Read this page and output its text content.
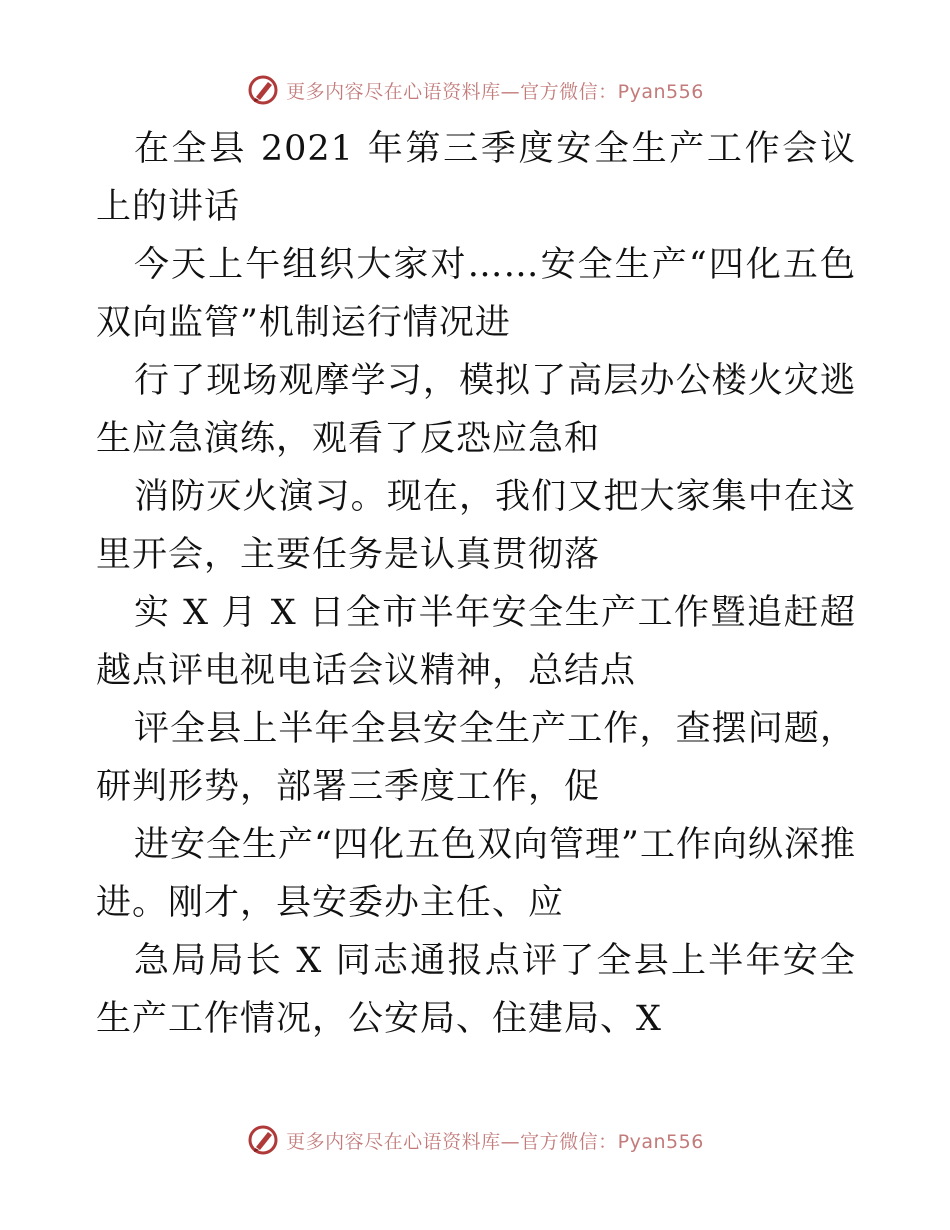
更多内容尽在心语资料库—官方微信：Pyan556

在全县 2021 年第三季度安全生产工作会议上的讲话

今天上午组织大家对……安全生产“四化五色双向监管”机制运行情况进

行了现场观摩学习，模拟了高层办公楼火灾逃生应急演练，观看了反恐应急和

消防灭火演习。现在，我们又把大家集中在这里开会，主要任务是认真贯彻落

实 X 月 X 日全市半年安全生产工作暨追赶超越点评电视电话会议精神，总结点

评全县上半年全县安全生产工作，查摆问题，研判形势，部署三季度工作，促

进安全生产“四化五色双向管理”工作向纵深推进。刚才，县安委办主任、应

急局局长 X 同志通报点评了全县上半年安全生产工作情况，公安局、住建局、X

更多内容尽在心语资料库—官方微信：Pyan556
